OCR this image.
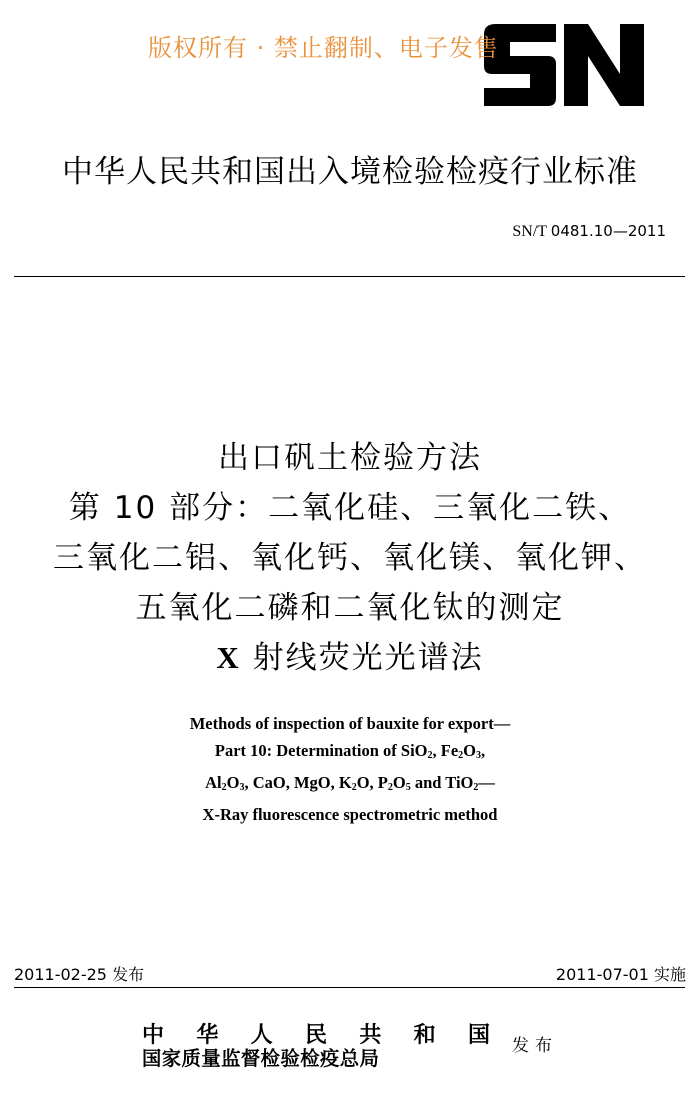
版权所有 · 禁止翻制、电子发售
中华人民共和国出入境检验检疫行业标准
SN/T 0481.10—2011
出口矾土检验方法
第 10 部分：二氧化硅、三氧化二铁、
三氧化二铝、氧化钙、氧化镁、氧化钾、
五氧化二磷和二氧化钛的测定
X 射线荧光光谱法
Methods of inspection of bauxite for export—
Part 10: Determination of SiO$_2$, $Fe_2O_3$,
$Al_2O_3$, CaO, MgO, $K_2O$, $P_2O_5$ and TiO$_2$—
X-Ray fluorescence spectrometric method
2011-02-25 发布	2011-07-01 实施
中 华 人 民 共 和 国
国家质量监督检验检疫总局
发布
